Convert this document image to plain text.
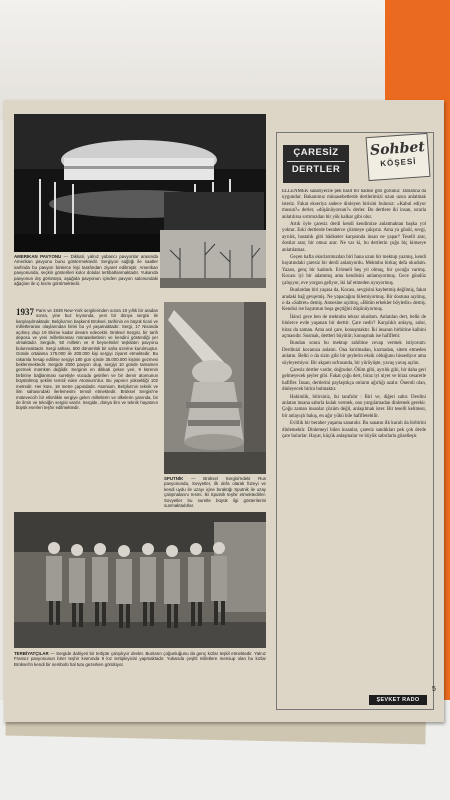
AMERIKAN PAVYONU — Dikkati, yalnız yabancı pavyonlar arasında Amerikan pavyonu bunu göstermektedir. Sergiyon sağlığı ile saatler sarfında bu pavyon binlerce kişi tarafından ziyaret edilmiştir. Amerikan pavyonunda, seçkin gösterileri kolor dolular tertibatlanmaktadır. Yukarıda pavyonun dış görünüşü, aşağıda pavyonun içinden pavyon salonundaki ağaçları ile iç kısmı görülmektedir.
1937 Paris ve 1939 New-York sergilerinden sonra 19 yıllık bir aradan sonra, yine buz kıyısında, yeni bir dünya sergisi ile karşılaşılmaktadır. Belçika'nın başkenti Brüksel, tarihinin en büyük ticari ve milletlerarası olaylarından birini bu yıl yaşamaktadır. Sergi, 17 Nisanda açılmış olup 19 Ekime kadar devam edecektir. Brüksel Sergisi, bir tarih deposu ve yeni milletlerarası münasebetlerin ve kendini gösterdiği yer olmaktadır. Sergide, 50 milletin ve 8 beynelmilel teşkilatın pavyonu bulunmaktadır. Sergi sahası, 500 dönümlük bir saha üzerine kurulmuştur. Günde ortalama 175.000 ile 200.000 kişi sergiyi ziyaret etmektedir. Bu rakamla hesap edilirse sergiyi 180 gün içinde 35.000.000 kişinin gezmesi beklenmektedir. Sergide 2000 pavyon olup, sergiyi 10 günde tamamen gezmek mümkün değildir. Serginin en dikkati çeken yeri, 9 kürenin birbirine bağlanması suretiyle vücuda getirilen ve bir demir atomunun büyütülmüş şeklini temsil eden Atomium'dur. Bu yapının yüksekliği 102 metredir. Her küre, 18 metre çapındadır. Atomium, Belçika'nın teknik ve ilim sahasındaki ilerlemesini temsil etmektedir. Brüksel Sergisi'ne müteveccih bir etkinlikle sergiye gelen milletlerin ve ülkelerin yanında, bir de ilmin ve tekniğin sergisi vardır. Sergide, dünya ilim ve teknik hayatının büyük eserleri teşhir edilmektedir.
SPUTNİK — Brüksel Sergisi'ndeki Rus pavyonunda, Sovyetler, ilk defa olarak füzeyi ve kendi uydu ile uzayı içine bıraktığı Sputnik ile uzay çalışmalarını resmi. İki Sputnik teşhir etmektedirler. Sovyetler bu suretle büyük ilgi gösterilerini sunmaktadırlar.
TERBİYATÇILAR — Sergide dahiyeti bir tertipte çalışılıyor devlet. Bunların çoğunluğunu da genç kızlar teşkil etmektedir. Yalnız Fransız pavyonunun birer teşhir kısmında 9 kız tertipleyicisi yapmaktadır. Yukarıda çeşitli milletlere mensup olan bu kızlar Brüksel'in kendi bir sembolü hal tutu gezerken görülüyor.
ÇARESİZ
DERTLER
Sohbet
KÖŞESİ

ELLENMEK sanatiyecile pek basit bir hâdise gibi görünür. Tabiatına da uygundur. Bakanımız münasebetlerde dertlerimizi uzun uzun anlatmak isteriz. Fakat ekseriya sadece dinleyen birisini buluruz: «Kabul ediyor musun?» derler, «düşünüyorsun?» derler. Bu dertlere iki insan, ısrarla anlatılırsa sırtımızdan bir yük kalkar gibi olur.

Artık öyle çaresiz derdi kendi kendimize anlatmaktan başka yol yoktur. Eski dertlerde beraberce çözmeye çalışırız. Ama ya gönül, sevgi, ayrılık, hastalık gibi hâdiseler karşısında insan ne yapar? Teselli arar, dostlar arar, bir omuz arar. Ne var ki, bu dertlerin çoğu hiç kimseye anlatılamaz.

Geçen hafta okurlarımızdan biri bana uzun bir mektup yazmış, kendi hayatındaki çaresiz bir derdi anlatıyordu. Mektubu birkaç defa okudum. Yazan, genç bir kadındı. Evleneli beş yıl olmuş, bir çocuğu varmış. Kocası iyi bir adammış ama kendisini anlamıyormuş. Gece gündüz çalışıyor, eve yorgun geliyor, iki laf etmeden uyuyormuş.

Bunlardan biri yaşasa da, Kocası, sevgisini kaybetmiş değilmiş, fakat aradaki bağ gevşemiş. Ne yapacağını bilemiyormuş. Bir dostuna açılmış, o da «Sabret» demiş. Annesine açılmış, «Bütün erkekler böyledir» demiş. Kendisi ise hayatının boşa geçtiğini düşünüyormuş.

İkinci gece ben de mektubu tekrar okudum. Anlatılan dert, belki de binlerce evde yaşanan bir derttir. Çare nedir? Karşılıklı anlayış, sabır, biraz da zaman. Ama asıl çare, konuşmaktır. İki insanın birbirine kalbini açmasıdır. Susmak, dertleri büyütür; konuşmak ise hafifletir.

Bundan sonra bu mektup sahibine cevap vermek istiyorum: Derdinizi kocanıza anlatın. Ona kırılmadan, kızmadan, sitem etmeden anlatın. Belki o da sizin gibi bir şeylerin eksik olduğunu hissediyor ama söyleyemiyor. Bir akşam sofrasında, bir yürüyüşte, yavaş yavaş açılın.

Çaresiz dertler vardır, doğrudur. Ölüm gibi, ayrılık gibi, bir daha geri gelmeyecek şeyler gibi. Fakat çoğu dert, biraz iyi niyet ve biraz cesaretle hafifler. İnsan, dertlerini paylaştıkça onların ağırlığı azalır. Önemli olan, dinleyecek birini bulmaktır.

Hakimlik, bilirsiniz, iki tarafıdır : Biri ve, diğeri sabır. Derdini anlatan insana sabırla kulak vermek, onu yargılamadan dinlemek gerekir. Çoğu zaman insanlar çözüm değil, anlaşılmak ister. Bir teselli kelimesi, bir anlayışlı bakış, en ağır yükü bile hafifletebilir.

Evlilik bir beraber yaşama sanatıdır. Bu sanatın ilk kuralı da birbirini dinlemektir. Dinlemeyi bilen insanlar, çaresiz sandıkları pek çok derde çare bulurlar. Hayat, küçük anlaşmalar ve büyük sabırlarla güzelleşir.

ŞEVKET RADO
5
